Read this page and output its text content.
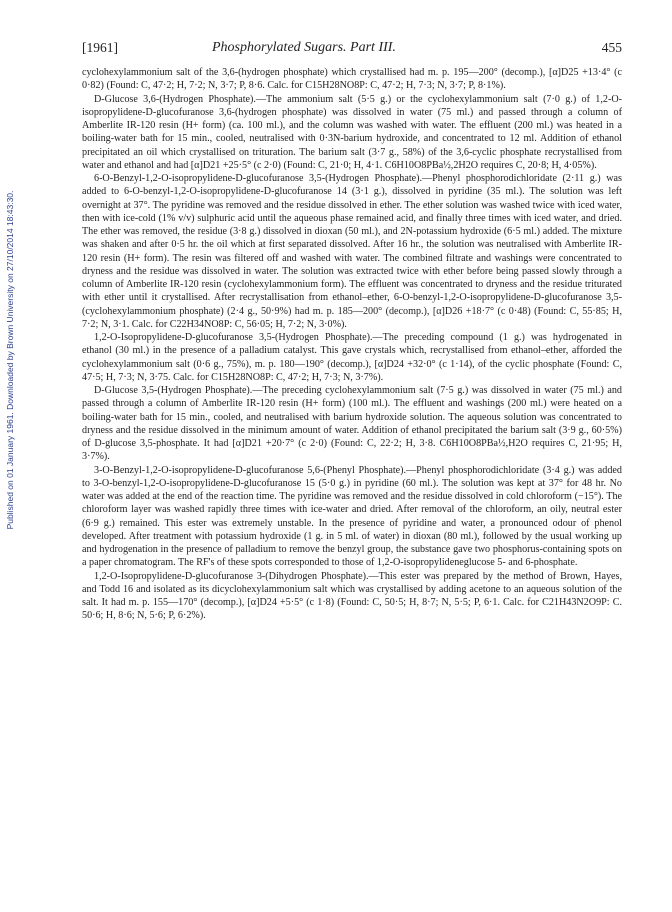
Published on 01 January 1961. Downloaded by Brown University on 27/10/2014 18:43:30.
[1961]	Phosphorylated Sugars. Part III.	455

cyclohexylammonium salt of the 3,6-(hydrogen phosphate) which crystallised had m. p. 195—200° (decomp.), [α]D25 +13·4° (c 0·82) (Found: C, 47·2; H, 7·2; N, 3·7; P, 8·6. Calc. for C15H28NO8P: C, 47·2; H, 7·3; N, 3·7; P, 8·1%).

D-Glucose 3,6-(Hydrogen Phosphate).—The ammonium salt (5·5 g.) or the cyclohexylammonium salt (7·0 g.) of 1,2-O-isopropylidene-D-glucofuranose 3,6-(hydrogen phosphate) was dissolved in water (75 ml.) and passed through a column of Amberlite IR-120 resin (H+ form) (ca. 100 ml.), and the column was washed with water. The effluent (200 ml.) was heated in a boiling-water bath for 15 min., cooled, neutralised with 0·3N-barium hydroxide, and concentrated to 12 ml. Addition of ethanol precipitated an oil which crystallised on trituration. The barium salt (3·7 g., 58%) of the 3,6-cyclic phosphate recrystallised from water and ethanol and had [α]D21 +25·5° (c 2·0) (Found: C, 21·0; H, 4·1. C6H10O8PBa½,2H2O requires C, 20·8; H, 4·05%).

6-O-Benzyl-1,2-O-isopropylidene-D-glucofuranose 3,5-(Hydrogen Phosphate).—Phenyl phosphorodichloridate (2·11 g.) was added to 6-O-benzyl-1,2-O-isopropylidene-D-glucofuranose 14 (3·1 g.), dissolved in pyridine (35 ml.). The solution was left overnight at 37°. The pyridine was removed and the residue dissolved in ether. The ether solution was washed twice with iced water, then with ice-cold (1% v/v) sulphuric acid until the aqueous phase remained acid, and finally three times with iced water, and dried. The ether was removed, the residue (3·8 g.) dissolved in dioxan (50 ml.), and 2N-potassium hydroxide (6·5 ml.) added. The mixture was shaken and after 0·5 hr. the oil which at first separated dissolved. After 16 hr., the solution was neutralised with Amberlite IR-120 resin (H+ form). The resin was filtered off and washed with water. The combined filtrate and washings were concentrated to dryness and the residue was dissolved in water. The solution was extracted twice with ether before being passed slowly through a column of Amberlite IR-120 resin (cyclohexylammonium form). The effluent was concentrated to dryness and the residue triturated with ether until it crystallised. After recrystallisation from ethanol–ether, 6-O-benzyl-1,2-O-isopropylidene-D-glucofuranose 3,5-(cyclohexylammonium phosphate) (2·4 g., 50·9%) had m. p. 185—200° (decomp.), [α]D26 +18·7° (c 0·48) (Found: C, 55·85; H, 7·2; N, 3·1. Calc. for C22H34NO8P: C, 56·05; H, 7·2; N, 3·0%).

1,2-O-Isopropylidene-D-glucofuranose 3,5-(Hydrogen Phosphate).—The preceding compound (1 g.) was hydrogenated in ethanol (30 ml.) in the presence of a palladium catalyst. This gave crystals which, recrystallised from ethanol–ether, afforded the cyclohexylammonium salt (0·6 g., 75%), m. p. 180—190° (decomp.), [α]D24 +32·0° (c 1·14), of the cyclic phosphate (Found: C, 47·5; H, 7·3; N, 3·75. Calc. for C15H28NO8P: C, 47·2; H, 7·3; N, 3·7%).

D-Glucose 3,5-(Hydrogen Phosphate).—The preceding cyclohexylammonium salt (7·5 g.) was dissolved in water (75 ml.) and passed through a column of Amberlite IR-120 resin (H+ form) (100 ml.). The effluent and washings (200 ml.) were heated on a boiling-water bath for 15 min., cooled, and neutralised with barium hydroxide solution. The aqueous solution was concentrated to dryness and the residue dissolved in the minimum amount of water. Addition of ethanol precipitated the barium salt (3·9 g., 60·5%) of D-glucose 3,5-phosphate. It had [α]D21 +20·7° (c 2·0) (Found: C, 22·2; H, 3·8. C6H10O8PBa½,H2O requires C, 21·95; H, 3·7%).

3-O-Benzyl-1,2-O-isopropylidene-D-glucofuranose 5,6-(Phenyl Phosphate).—Phenyl phosphorodichloridate (3·4 g.) was added to 3-O-benzyl-1,2-O-isopropylidene-D-glucofuranose 15 (5·0 g.) in pyridine (60 ml.). The solution was kept at 37° for 48 hr. No water was added at the end of the reaction time. The pyridine was removed and the residue dissolved in cold chloroform (−15°). The chloroform layer was washed rapidly three times with ice-water and dried. After removal of the chloroform, an oily, neutral ester (6·9 g.) remained. This ester was extremely unstable. In the presence of pyridine and water, a pronounced odour of phenol developed. After treatment with potassium hydroxide (1 g. in 5 ml. of water) in dioxan (80 ml.), followed by the usual working up and hydrogenation in the presence of palladium to remove the benzyl group, the substance gave two phosphorus-containing spots on a paper chromatogram. The RF's of these spots corresponded to those of 1,2-O-isopropylideneglucose 5- and 6-phosphate.

1,2-O-Isopropylidene-D-glucofuranose 3-(Dihydrogen Phosphate).—This ester was prepared by the method of Brown, Hayes, and Todd 16 and isolated as its dicyclohexylammonium salt which was crystallised by adding acetone to an aqueous solution of the salt. It had m. p. 155—170° (decomp.), [α]D24 +5·5° (c 1·8) (Found: C, 50·5; H, 8·7; N, 5·5; P, 6·1. Calc. for C21H43N2O9P: C. 50·6; H, 8·6; N, 5·6; P, 6·2%).
